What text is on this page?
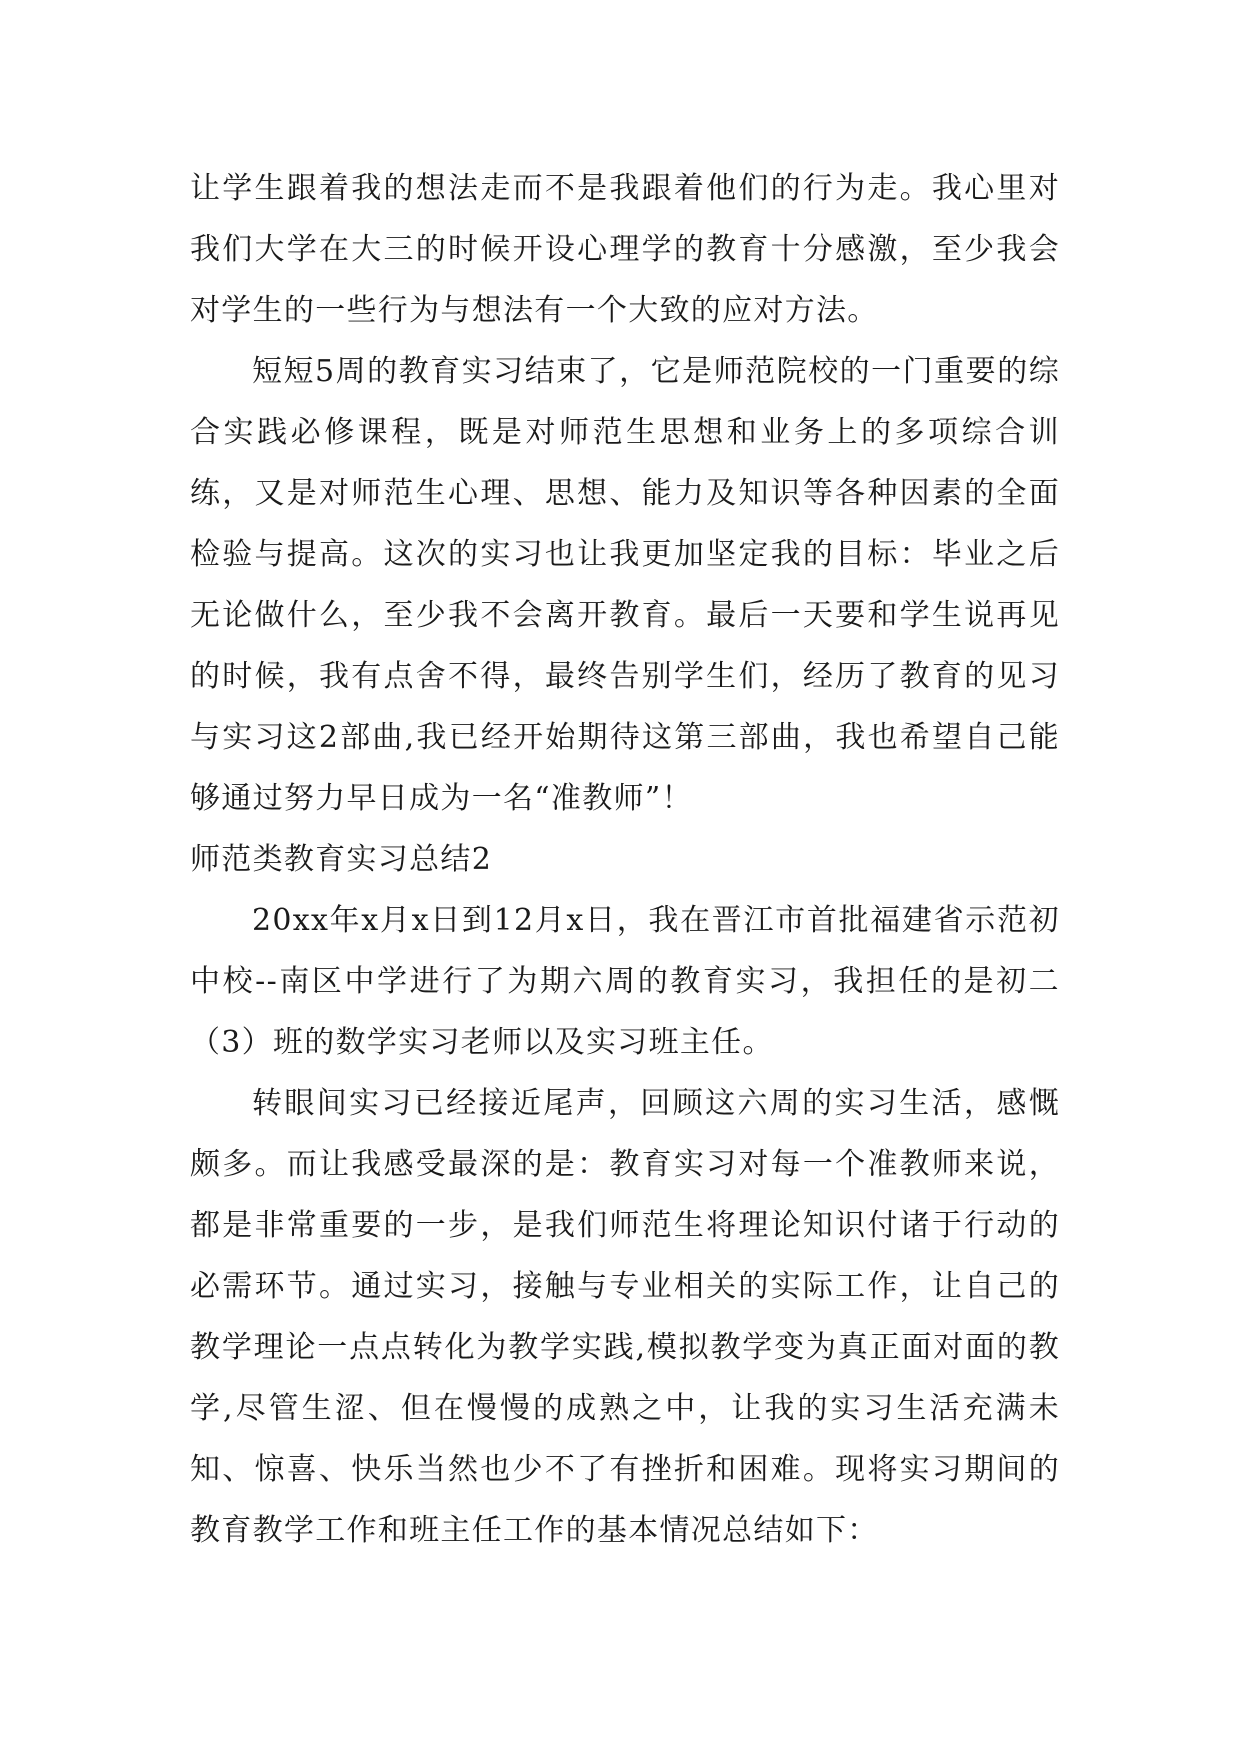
让学生跟着我的想法走而不是我跟着他们的行为走。我心里对我们大学在大三的时候开设心理学的教育十分感激，至少我会对学生的一些行为与想法有一个大致的应对方法。

短短5周的教育实习结束了，它是师范院校的一门重要的综合实践必修课程，既是对师范生思想和业务上的多项综合训练，又是对师范生心理、思想、能力及知识等各种因素的全面检验与提高。这次的实习也让我更加坚定我的目标：毕业之后无论做什么，至少我不会离开教育。最后一天要和学生说再见的时候，我有点舍不得，最终告别学生们，经历了教育的见习与实习这2部曲,我已经开始期待这第三部曲，我也希望自己能够通过努力早日成为一名“准教师”！

师范类教育实习总结2

20xx年x月x日到12月x日，我在晋江市首批福建省示范初中校--南区中学进行了为期六周的教育实习，我担任的是初二（3）班的数学实习老师以及实习班主任。

转眼间实习已经接近尾声，回顾这六周的实习生活，感慨颇多。而让我感受最深的是：教育实习对每一个准教师来说，都是非常重要的一步，是我们师范生将理论知识付诸于行动的必需环节。通过实习，接触与专业相关的实际工作，让自己的教学理论一点点转化为教学实践,模拟教学变为真正面对面的教学,尽管生涩、但在慢慢的成熟之中，让我的实习生活充满未知、惊喜、快乐当然也少不了有挫折和困难。现将实习期间的教育教学工作和班主任工作的基本情况总结如下：
